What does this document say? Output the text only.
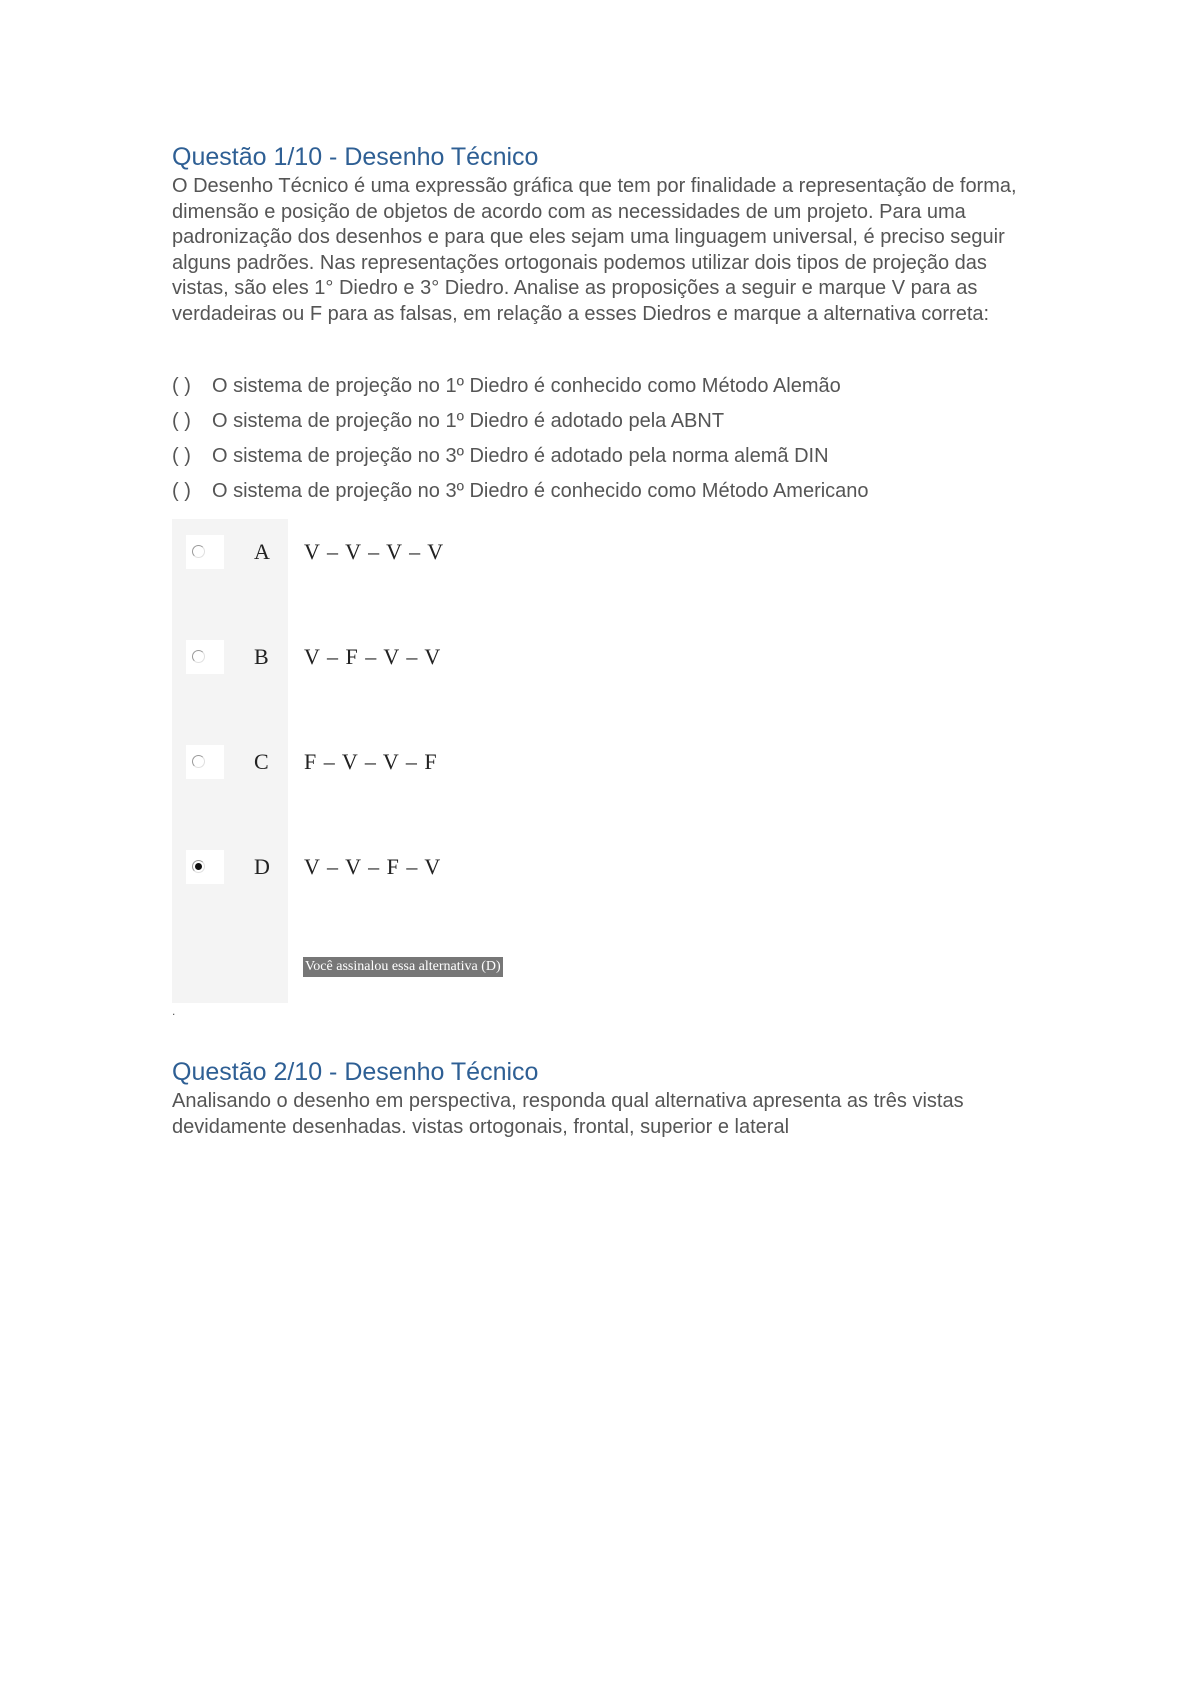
Questão 1/10 - Desenho Técnico

O Desenho Técnico é uma expressão gráfica que tem por finalidade a representação de forma, dimensão e posição de objetos de acordo com as necessidades de um projeto. Para uma padronização dos desenhos e para que eles sejam uma linguagem universal, é preciso seguir alguns padrões. Nas representações ortogonais podemos utilizar dois tipos de projeção das vistas, são eles 1° Diedro e 3° Diedro. Analise as proposições a seguir e marque V para as verdadeiras ou F para as falsas, em relação a esses Diedros e marque a alternativa correta:

( ) O sistema de projeção no 1º Diedro é conhecido como Método Alemão
( ) O sistema de projeção no 1º Diedro é adotado pela ABNT
( ) O sistema de projeção no 3º Diedro é adotado pela norma alemã DIN
( ) O sistema de projeção no 3º Diedro é conhecido como Método Americano
A V – V – V – V
B V – F – V – V
C F – V – V – F
D V – V – F – V
Você assinalou essa alternativa (D)
.
Questão 2/10 - Desenho Técnico

Analisando o desenho em perspectiva, responda qual alternativa apresenta as três vistas devidamente desenhadas. vistas ortogonais, frontal, superior e lateral
